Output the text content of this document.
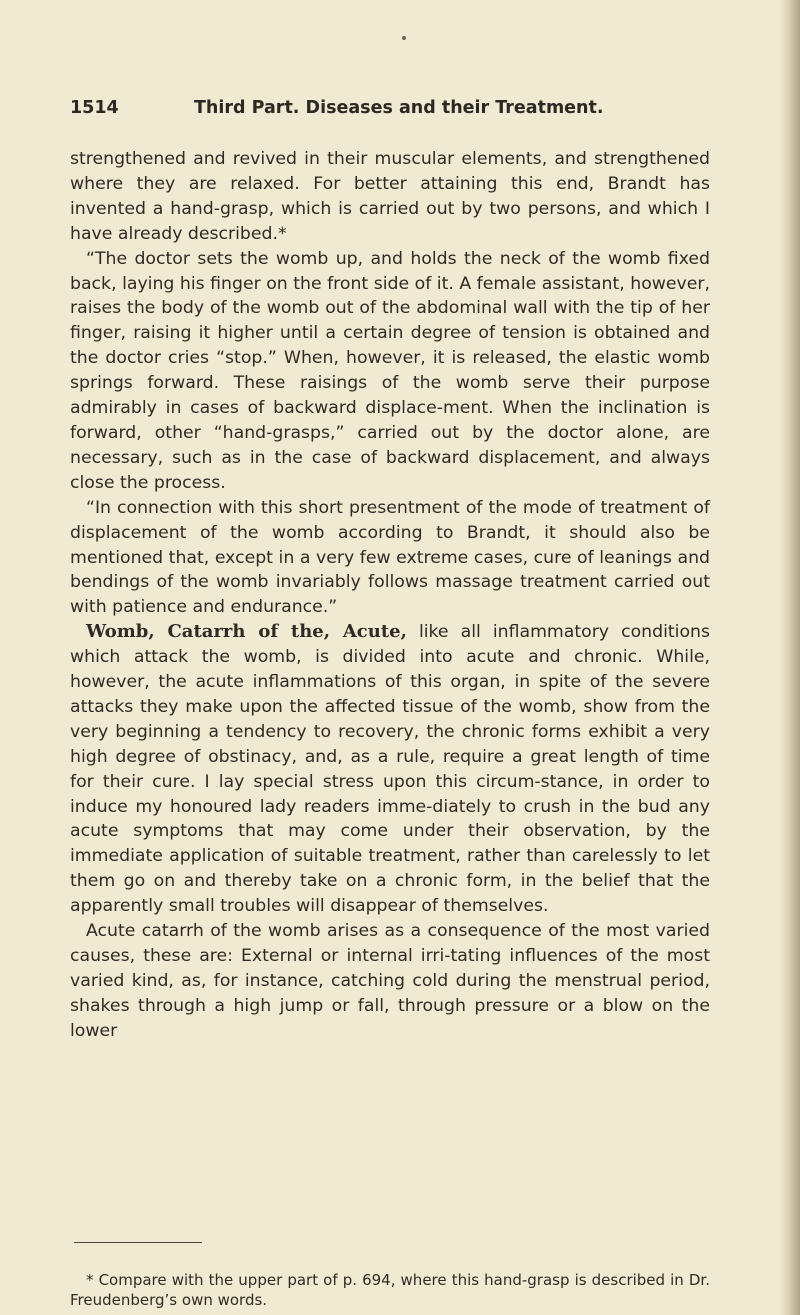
1514	Third Part. Diseases and their Treatment.

strengthened and revived in their muscular elements, and strengthened where they are relaxed. For better attaining this end, Brandt has invented a hand-grasp, which is carried out by two persons, and which I have already described.*

“The doctor sets the womb up, and holds the neck of the womb fixed back, laying his finger on the front side of it. A female assistant, however, raises the body of the womb out of the abdominal wall with the tip of her finger, raising it higher until a certain degree of tension is obtained and the doctor cries “stop.” When, however, it is released, the elastic womb springs forward. These raisings of the womb serve their purpose admirably in cases of backward displace-ment. When the inclination is forward, other “hand-grasps,” carried out by the doctor alone, are necessary, such as in the case of backward displacement, and always close the process.

“In connection with this short presentment of the mode of treatment of displacement of the womb according to Brandt, it should also be mentioned that, except in a very few extreme cases, cure of leanings and bendings of the womb invariably follows massage treatment carried out with patience and endurance.”

Womb, Catarrh of the, Acute, like all inflammatory conditions which attack the womb, is divided into acute and chronic. While, however, the acute inflammations of this organ, in spite of the severe attacks they make upon the affected tissue of the womb, show from the very beginning a tendency to recovery, the chronic forms exhibit a very high degree of obstinacy, and, as a rule, require a great length of time for their cure. I lay special stress upon this circum-stance, in order to induce my honoured lady readers imme-diately to crush in the bud any acute symptoms that may come under their observation, by the immediate application of suitable treatment, rather than carelessly to let them go on and thereby take on a chronic form, in the belief that the apparently small troubles will disappear of themselves.

Acute catarrh of the womb arises as a consequence of the most varied causes, these are: External or internal irri-tating influences of the most varied kind, as, for instance, catching cold during the menstrual period, shakes through a high jump or fall, through pressure or a blow on the lower

* Compare with the upper part of p. 694, where this hand-grasp is described in Dr. Freudenberg’s own words.
